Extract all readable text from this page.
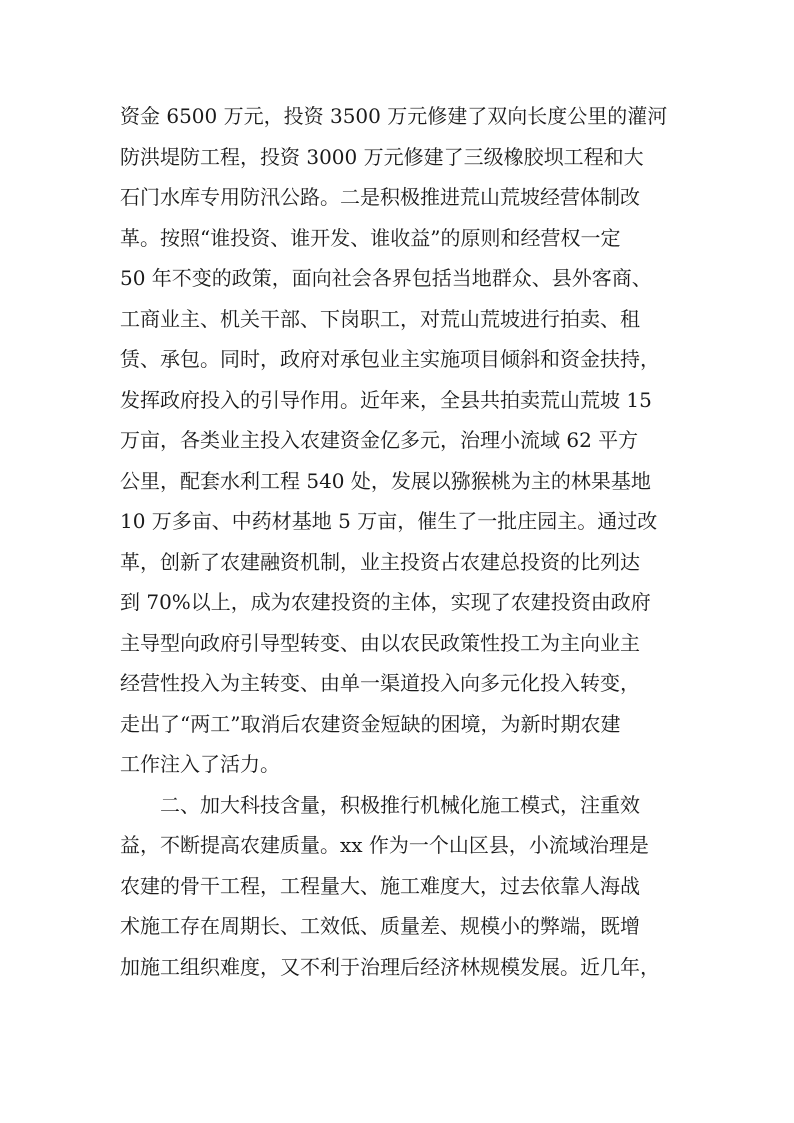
资金 6500 万元，投资 3500 万元修建了双向长度公里的灌河
防洪堤防工程，投资 3000 万元修建了三级橡胶坝工程和大
石门水库专用防汛公路。二是积极推进荒山荒坡经营体制改
革。按照“谁投资、谁开发、谁收益”的原则和经营权一定
50 年不变的政策，面向社会各界包括当地群众、县外客商、
工商业主、机关干部、下岗职工，对荒山荒坡进行拍卖、租
赁、承包。同时，政府对承包业主实施项目倾斜和资金扶持，
发挥政府投入的引导作用。近年来，全县共拍卖荒山荒坡 15
万亩，各类业主投入农建资金亿多元，治理小流域 62 平方
公里，配套水利工程 540 处，发展以猕猴桃为主的林果基地
10 万多亩、中药材基地 5 万亩，催生了一批庄园主。通过改
革，创新了农建融资机制，业主投资占农建总投资的比列达
到 70%以上，成为农建投资的主体，实现了农建投资由政府
主导型向政府引导型转变、由以农民政策性投工为主向业主
经营性投入为主转变、由单一渠道投入向多元化投入转变，
走出了“两工”取消后农建资金短缺的困境，为新时期农建
工作注入了活力。
二、加大科技含量，积极推行机械化施工模式，注重效
益，不断提高农建质量。xx 作为一个山区县，小流域治理是
农建的骨干工程，工程量大、施工难度大，过去依靠人海战
术施工存在周期长、工效低、质量差、规模小的弊端，既增
加施工组织难度，又不利于治理后经济林规模发展。近几年，
